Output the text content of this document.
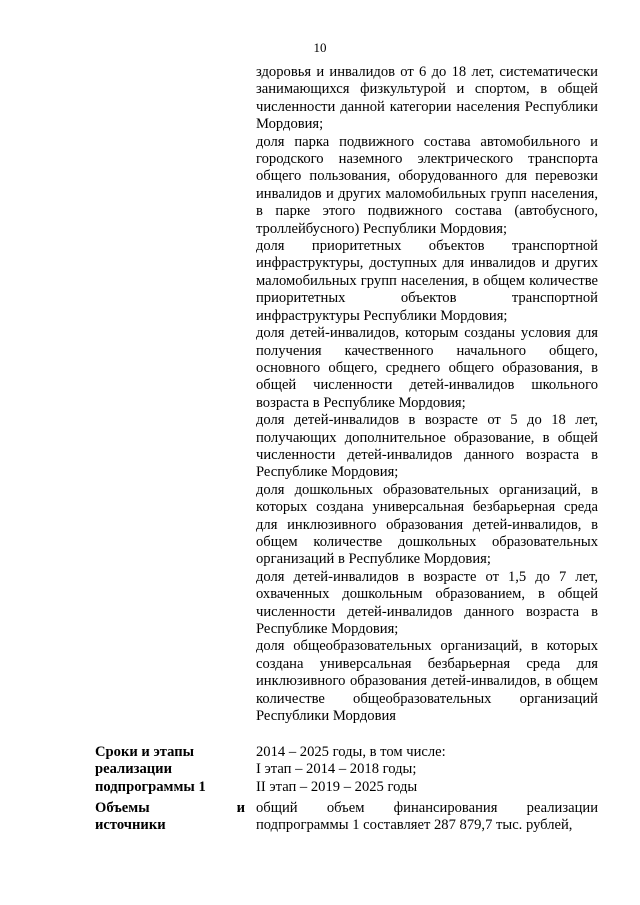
10

здоровья и инвалидов от 6 до 18 лет, систематически занимающихся физкультурой и спортом, в общей численности данной категории населения Республики Мордовия;

доля парка подвижного состава автомобильного и городского наземного электрического транспорта общего пользования, оборудованного для перевозки инвалидов и других маломобильных групп населения, в парке этого подвижного состава (автобусного, троллейбусного) Республики Мордовия;

доля приоритетных объектов транспортной инфраструктуры, доступных для инвалидов и других маломобильных групп населения, в общем количестве приоритетных объектов транспортной инфраструктуры Республики Мордовия;

доля детей-инвалидов, которым созданы условия для получения качественного начального общего, основного общего, среднего общего образования, в общей численности детей-инвалидов школьного возраста в Республике Мордовия;

доля детей-инвалидов в возрасте от 5 до 18 лет, получающих дополнительное образование, в общей численности детей-инвалидов данного возраста в Республике Мордовия;

доля дошкольных образовательных организаций, в которых создана универсальная безбарьерная среда для инклюзивного образования детей-инвалидов, в общем количестве дошкольных образовательных организаций в Республике Мордовия;

доля детей-инвалидов в возрасте от 1,5 до 7 лет, охваченных дошкольным образованием, в общей численности детей-инвалидов данного возраста в Республике Мордовия;

доля общеобразовательных организаций, в которых создана универсальная безбарьерная среда для инклюзивного образования детей-инвалидов, в общем количестве общеобразовательных организаций Республики Мордовия

Сроки и этапы
реализации
подпрограммы 1
2014 – 2025 годы, в том числе:
I этап – 2014 – 2018 годы;
II этап – 2019 – 2025 годы
Объемы и
источники

общий объем финансирования реализации подпрограммы 1 составляет 287 879,7 тыс. рублей,
